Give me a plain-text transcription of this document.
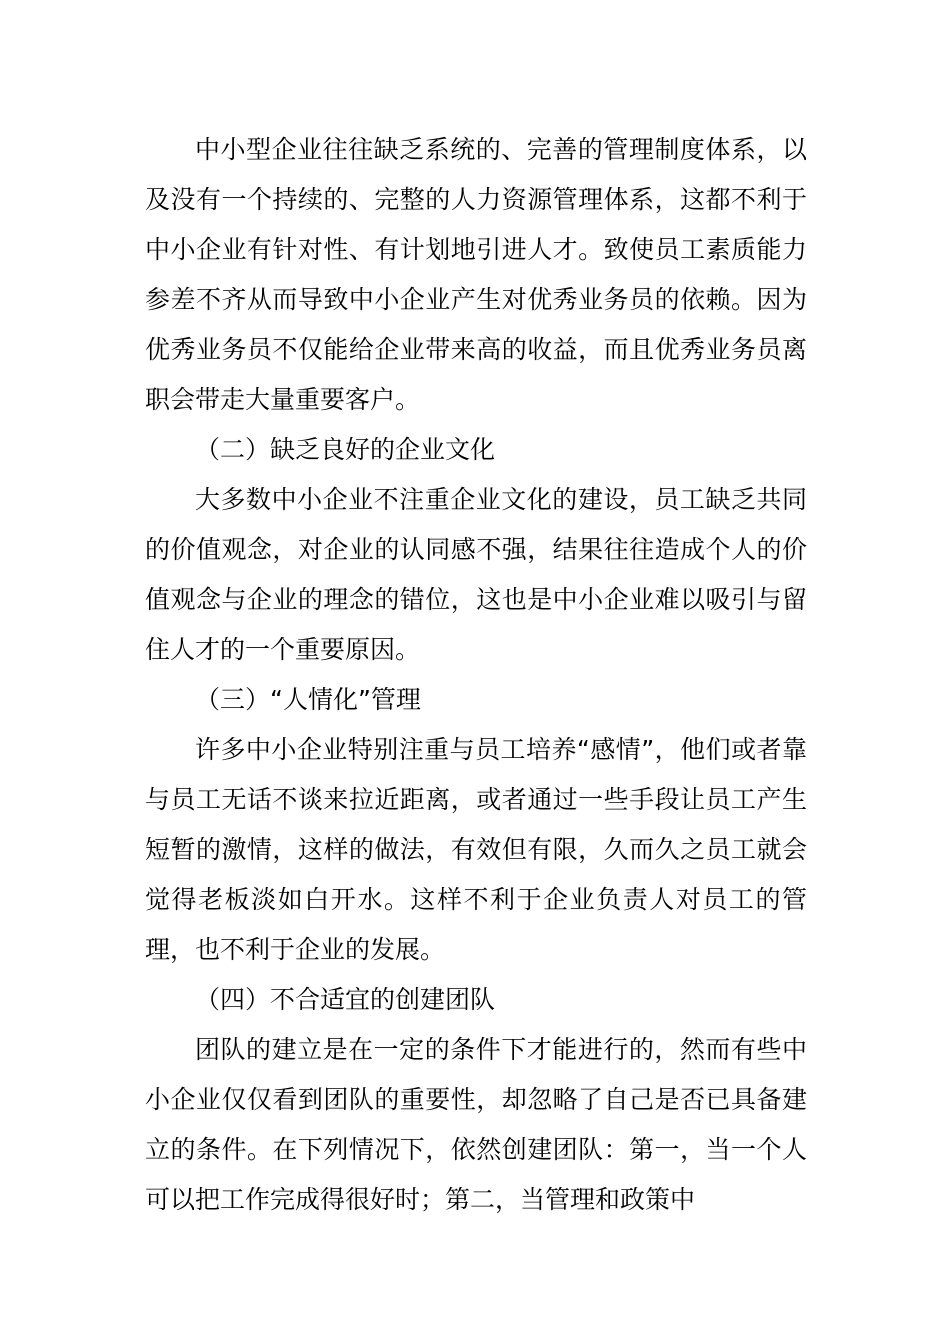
中小型企业往往缺乏系统的、完善的管理制度体系，以及没有一个持续的、完整的人力资源管理体系，这都不利于中小企业有针对性、有计划地引进人才。致使员工素质能力参差不齐从而导致中小企业产生对优秀业务员的依赖。因为优秀业务员不仅能给企业带来高的收益，而且优秀业务员离职会带走大量重要客户。

（二）缺乏良好的企业文化

大多数中小企业不注重企业文化的建设，员工缺乏共同的价值观念，对企业的认同感不强，结果往往造成个人的价值观念与企业的理念的错位，这也是中小企业难以吸引与留住人才的一个重要原因。

（三）“人情化”管理

许多中小企业特别注重与员工培养“感情”，他们或者靠与员工无话不谈来拉近距离，或者通过一些手段让员工产生短暂的激情，这样的做法，有效但有限，久而久之员工就会觉得老板淡如白开水。这样不利于企业负责人对员工的管理，也不利于企业的发展。

（四）不合适宜的创建团队

团队的建立是在一定的条件下才能进行的，然而有些中小企业仅仅看到团队的重要性，却忽略了自己是否已具备建立的条件。在下列情况下，依然创建团队：第一，当一个人可以把工作完成得很好时；第二，当管理和政策中
